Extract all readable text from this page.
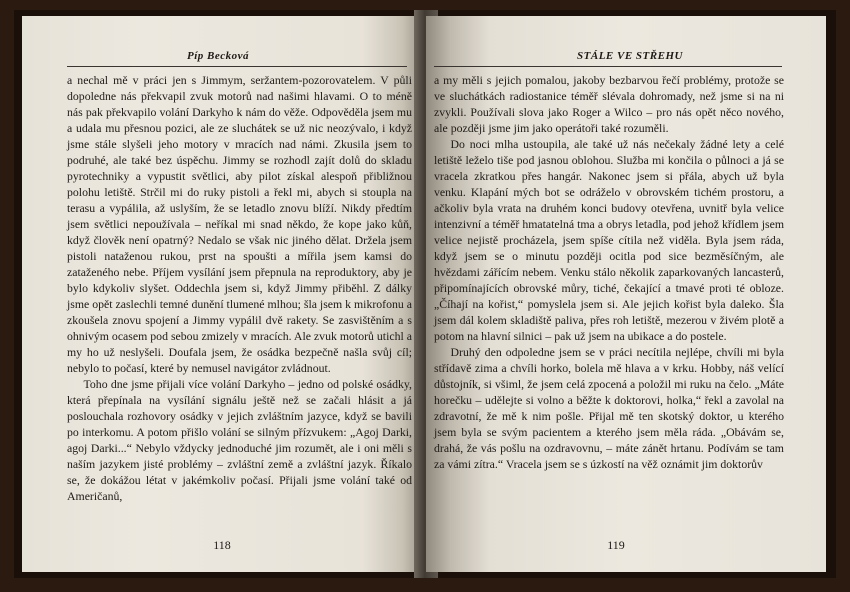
Píp Becková

a nechal mě v práci jen s Jimmym, seržantem-pozorovatelem. V půli dopoledne nás překvapil zvuk motorů nad našimi hlavami. O to méně nás pak překvapilo volání Darkyho k nám do věže. Odpověděla jsem mu a udala mu přesnou pozici, ale ze sluchátek se už nic neozývalo, i když jsme stále slyšeli jeho motory v mracích nad námi. Zkusila jsem to podruhé, ale také bez úspěchu. Jimmy se rozhodl zajít dolů do skladu pyrotechniky a vypustit světlici, aby pilot získal alespoň přibližnou polohu letiště. Strčil mi do ruky pistoli a řekl mi, abych si stoupla na terasu a vypálila, až uslyším, že se letadlo znovu blíží. Nikdy předtím jsem světlici nepoužívala – neříkal mi snad někdo, že kope jako kůň, když člověk není opatrný? Nedalo se však nic jiného dělat. Držela jsem pistoli nataženou rukou, prst na spoušti a mířila jsem kamsi do zataženého nebe. Příjem vysílání jsem přepnula na reproduktory, aby je bylo kdykoliv slyšet. Oddechla jsem si, když Jimmy přiběhl. Z dálky jsme opět zaslechli temné dunění tlumené mlhou; šla jsem k mikrofonu a zkoušela znovu spojení a Jimmy vypálil dvě rakety. Se zasvištěním a s ohnivým ocasem pod sebou zmizely v mracích. Ale zvuk motorů utichl a my ho už neslyšeli. Doufala jsem, že osádka bezpečně našla svůj cíl; nebylo to počasí, které by nemusel navigátor zvládnout.

Toho dne jsme přijali více volání Darkyho – jedno od polské osádky, která přepínala na vysílání signálu ještě než se začali hlásit a já poslouchala rozhovory osádky v jejich zvláštním jazyce, když se bavili po interkomu. A potom přišlo volání se silným přízvukem: „Agoj Darki, agoj Darki...“ Nebylo vždycky jednoduché jim rozumět, ale i oni měli s naším jazykem jisté problémy – zvláštní země a zvláštní jazyk. Říkalo se, že dokážou létat v jakémkoliv počasí. Přijali jsme volání také od Američanů,

118
STÁLE VE STŘEHU

a my měli s jejich pomalou, jakoby bezbarvou řečí problémy, protože se ve sluchátkách radiostanice téměř slévala dohromady, než jsme si na ni zvykli. Používali slova jako Roger a Wilco – pro nás opět něco nového, ale později jsme jim jako operátoři také rozuměli.

Do noci mlha ustoupila, ale také už nás nečekaly žádné lety a celé letiště leželo tiše pod jasnou oblohou. Služba mi končila o půlnoci a já se vracela zkratkou přes hangár. Nakonec jsem si přála, abych už byla venku. Klapání mých bot se odráželo v obrovském tichém prostoru, a ačkoliv byla vrata na druhém konci budovy otevřena, uvnitř byla velice intenzivní a téměř hmatatelná tma a obrys letadla, pod jehož křídlem jsem velice nejistě procházela, jsem spíše cítila než viděla. Byla jsem ráda, když jsem se o minutu později ocitla pod sice bezměsíčným, ale hvězdami zářícím nebem. Venku stálo několik zaparkovaných lancasterů, připomínajících obrovské můry, tiché, čekající a tmavé proti té obloze. „Číhají na kořist,“ pomyslela jsem si. Ale jejich kořist byla daleko. Šla jsem dál kolem skladiště paliva, přes roh letiště, mezerou v živém plotě a potom na hlavní silnici – pak už jsem na ubikace a do postele.

Druhý den odpoledne jsem se v práci necítila nejlépe, chvíli mi byla střídavě zima a chvíli horko, bolela mě hlava a v krku. Hobby, náš velící důstojník, si všiml, že jsem celá zpocená a položil mi ruku na čelo. „Máte horečku – udělejte si volno a běžte k doktorovi, holka,“ řekl a zavolal na zdravotní, že mě k nim pošle. Přijal mě ten skotský doktor, u kterého jsem byla se svým pacientem a kterého jsem měla ráda. „Obávám se, drahá, že vás pošlu na ozdravovnu, – máte zánět hrtanu. Podívám se tam za vámi zítra.“ Vracela jsem se s úzkostí na věž oznámit jim doktorův

119
